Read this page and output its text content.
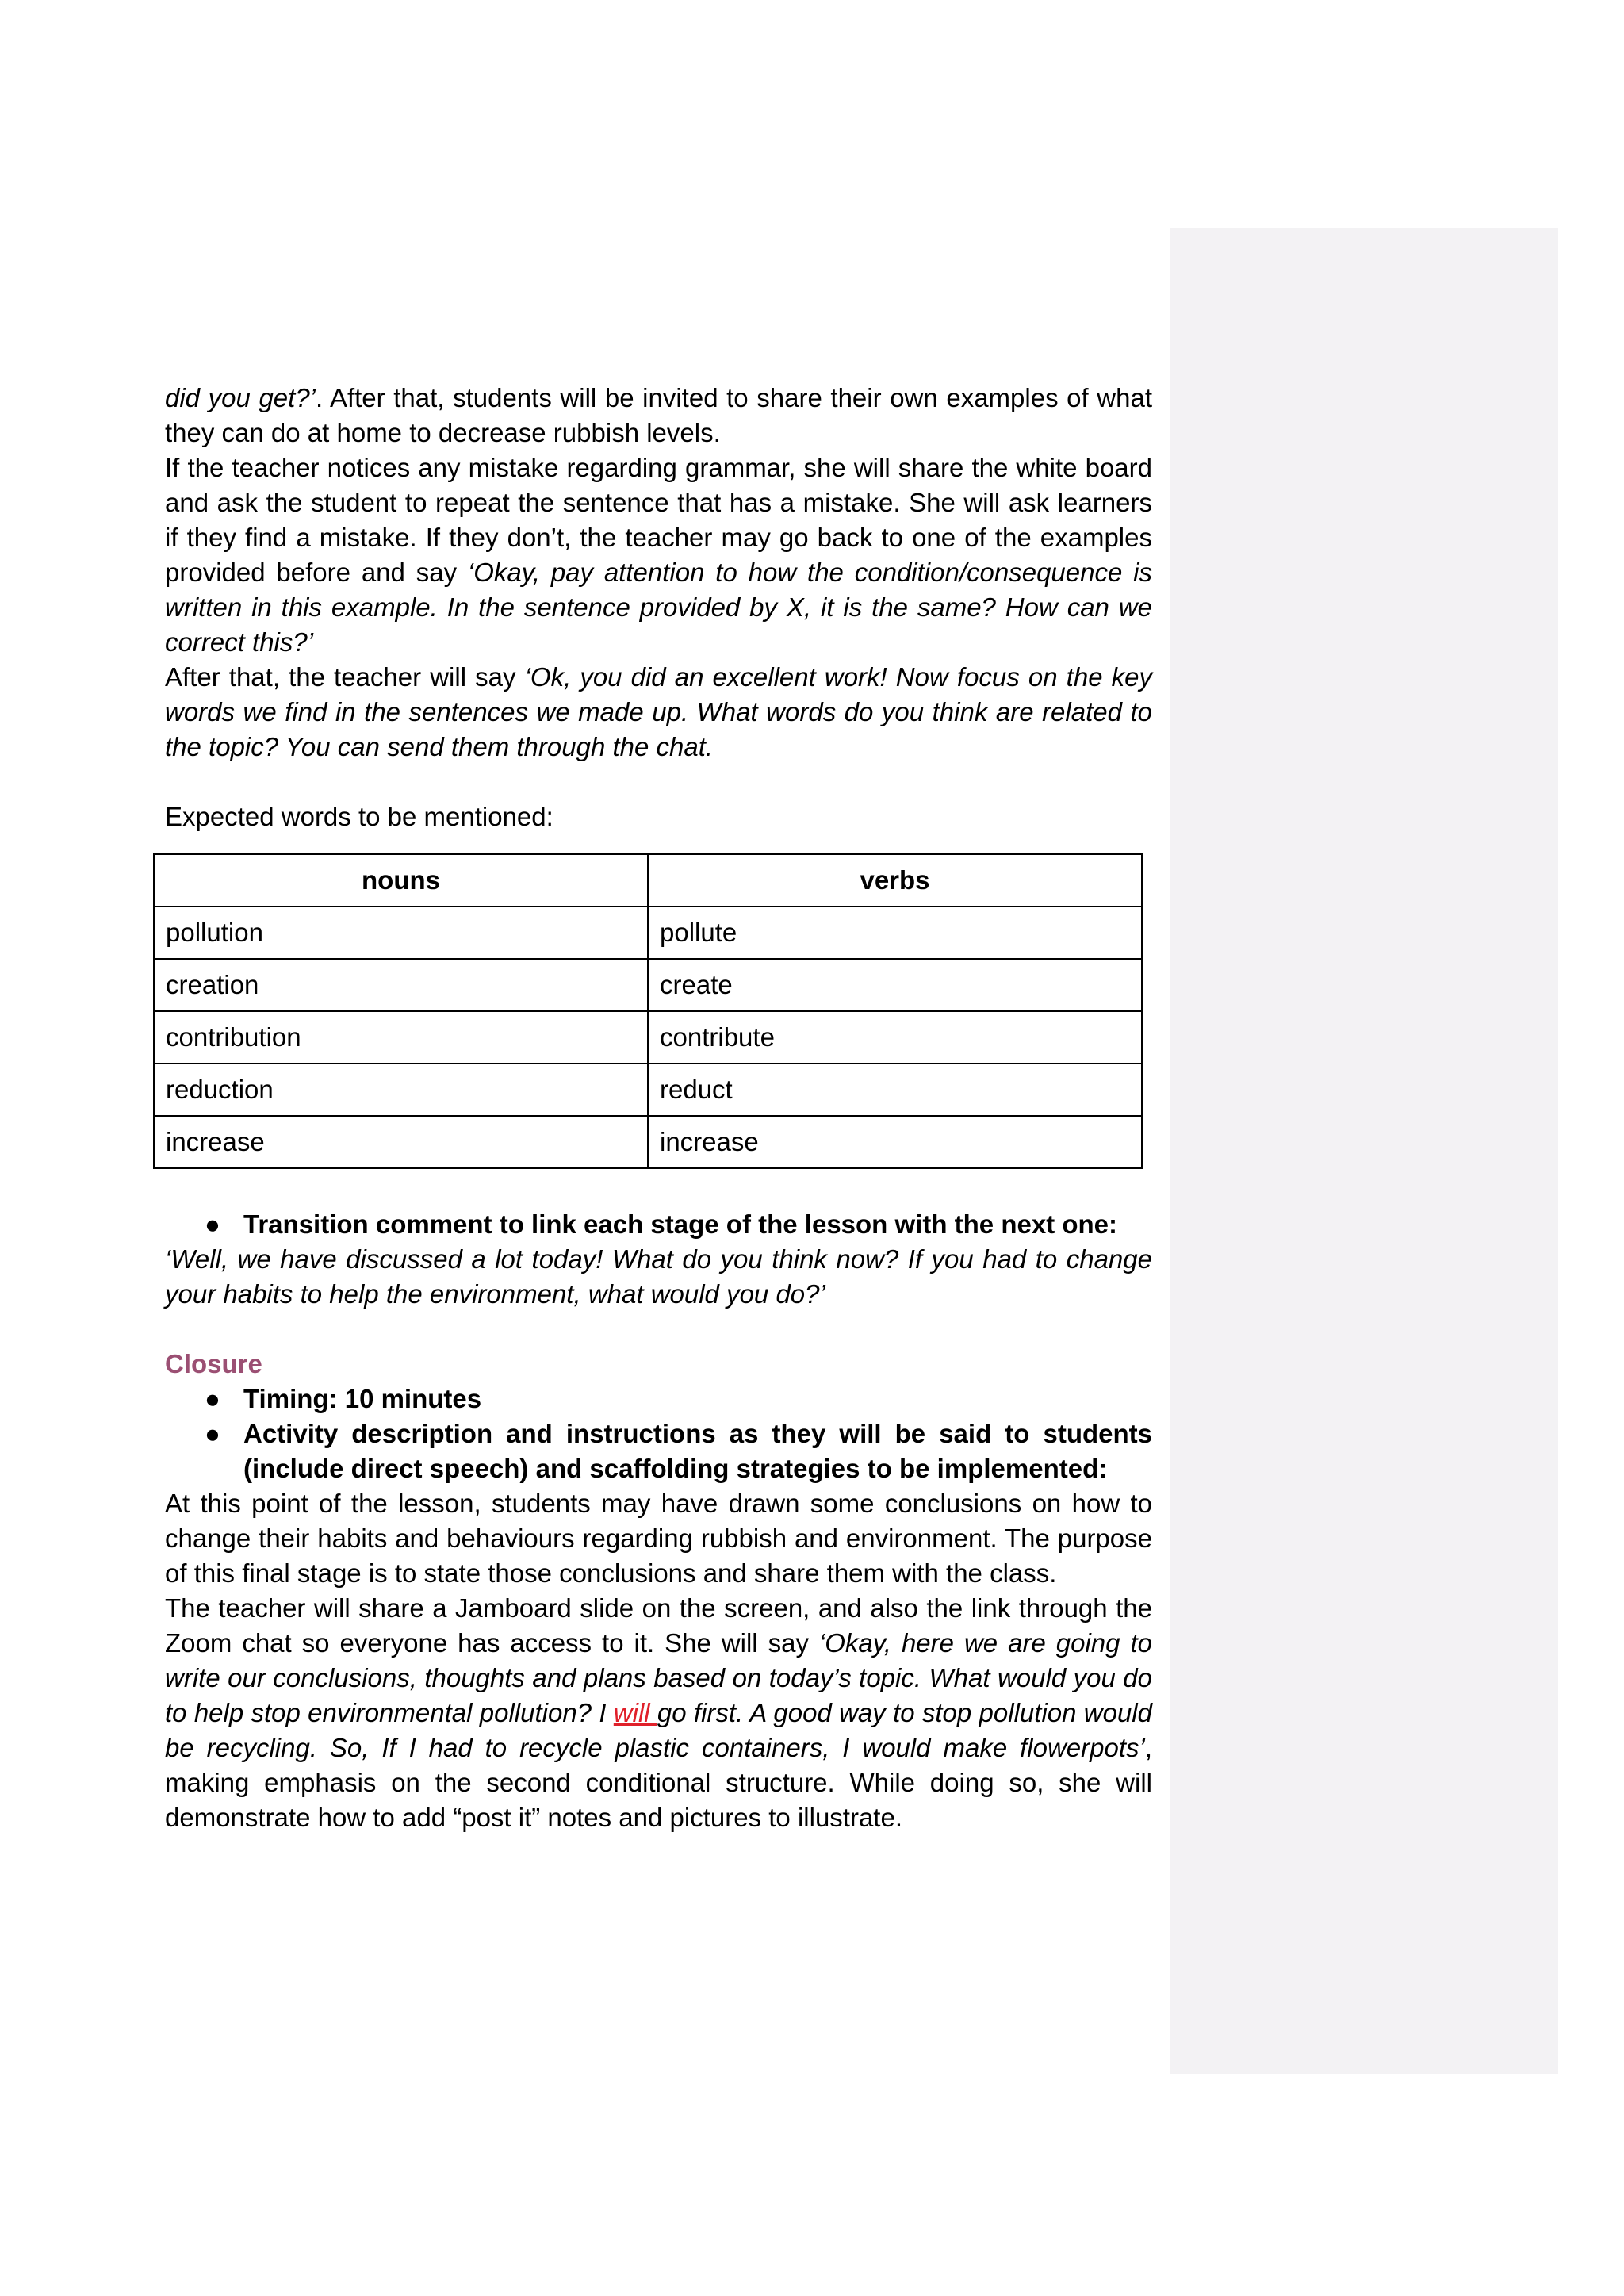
did you get?’. After that, students will be invited to share their own examples of what they can do at home to decrease rubbish levels.

If the teacher notices any mistake regarding grammar, she will share the white board and ask the student to repeat the sentence that has a mistake. She will ask learners if they find a mistake. If they don’t, the teacher may go back to one of the examples provided before and say ‘Okay, pay attention to how the condition/consequence is written in this example. In the sentence provided by X, it is the same? How can we correct this?’

After that, the teacher will say ‘Ok, you did an excellent work! Now focus on the key words we find in the sentences we made up. What words do you think are related to the topic? You can send them through the chat.

Expected words to be mentioned:

nouns	verbs
pollution	pollute
creation	create
contribution	contribute
reduction	reduct
increase	increase
● Transition comment to link each stage of the lesson with the next one:

‘Well, we have discussed a lot today! What do you think now? If you had to change your habits to help the environment, what would you do?’

Closure

● Timing: 10 minutes
● Activity description and instructions as they will be said to students (include direct speech) and scaffolding strategies to be implemented:

At this point of the lesson, students may have drawn some conclusions on how to change their habits and behaviours regarding rubbish and environment. The purpose of this final stage is to state those conclusions and share them with the class.

The teacher will share a Jamboard slide on the screen, and also the link through the Zoom chat so everyone has access to it. She will say ‘Okay, here we are going to write our conclusions, thoughts and plans based on today’s topic. What would you do to help stop environmental pollution? I will go first. A good way to stop pollution would be recycling. So, If I had to recycle plastic containers, I would make flowerpots’, making emphasis on the second conditional structure. While doing so, she will demonstrate how to add “post it” notes and pictures to illustrate.
